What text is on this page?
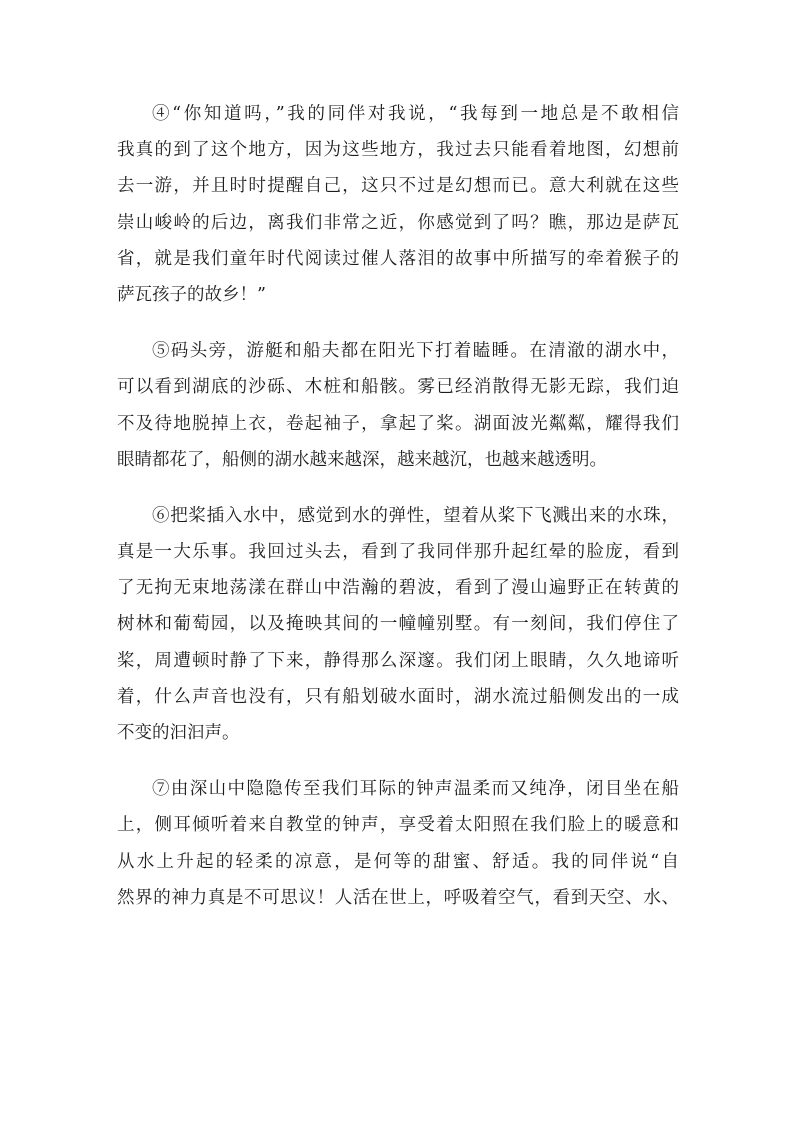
④“你知道吗，”我的同伴对我说，“我每到一地总是不敢相信
我真的到了这个地方，因为这些地方，我过去只能看着地图，幻想前
去一游，并且时时提醒自己，这只不过是幻想而已。意大利就在这些
崇山峻岭的后边，离我们非常之近，你感觉到了吗？瞧，那边是萨瓦
省，就是我们童年时代阅读过催人落泪的故事中所描写的牵着猴子的
萨瓦孩子的故乡！”
⑤码头旁，游艇和船夫都在阳光下打着瞌睡。在清澈的湖水中，
可以看到湖底的沙砾、木桩和船骸。雾已经消散得无影无踪，我们迫
不及待地脱掉上衣，卷起袖子，拿起了桨。湖面波光粼粼，耀得我们
眼睛都花了，船侧的湖水越来越深，越来越沉，也越来越透明。
⑥把桨插入水中，感觉到水的弹性，望着从桨下飞溅出来的水珠，
真是一大乐事。我回过头去，看到了我同伴那升起红晕的脸庞，看到
了无拘无束地荡漾在群山中浩瀚的碧波，看到了漫山遍野正在转黄的
树林和葡萄园，以及掩映其间的一幢幢别墅。有一刻间，我们停住了
桨，周遭顿时静了下来，静得那么深邃。我们闭上眼睛，久久地谛听
着，什么声音也没有，只有船划破水面时，湖水流过船侧发出的一成
不变的汩汩声。
⑦由深山中隐隐传至我们耳际的钟声温柔而又纯净，闭目坐在船
上，侧耳倾听着来自教堂的钟声，享受着太阳照在我们脸上的暖意和
从水上升起的轻柔的凉意，是何等的甜蜜、舒适。我的同伴说“自
然界的神力真是不可思议！人活在世上，呼吸着空气，看到天空、水、
